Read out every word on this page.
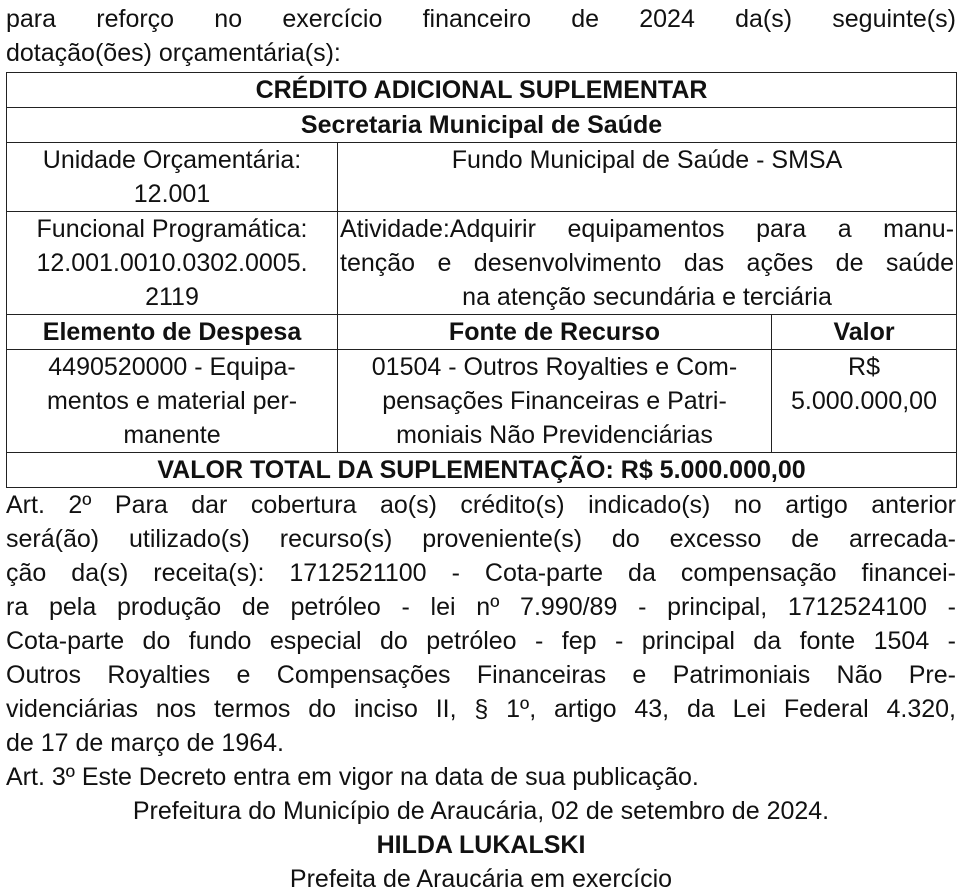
para reforço no exercício financeiro de 2024 da(s) seguinte(s)
dotação(ões) orçamentária(s):
CRÉDITO ADICIONAL SUPLEMENTAR		
Secretaria Municipal de Saúde		

Unidade Orçamentária:
12.001	Fundo Municipal de Saúde - SMSA	

Funcional Programática:
12.001.0010.0302.0005.
2119	Atividade:Adquirir equipamentos para a manu-
tenção e desenvolvimento das ações de saúde
na atenção secundária e terciária	

Elemento de Despesa	Fonte de Recurso	Valor

4490520000 - Equipa-
mentos e material per-
manente	01504 - Outros Royalties e Com-
pensações Financeiras e Patri-
moniais Não Previdenciárias	R$
5.000.000,00

VALOR TOTAL DA SUPLEMENTAÇÃO: R$ 5.000.000,00		
Art. 2º Para dar cobertura ao(s) crédito(s) indicado(s) no artigo anterior
será(ão) utilizado(s) recurso(s) proveniente(s) do excesso de arrecada-
ção da(s) receita(s): 1712521100 - Cota-parte da compensação financei-
ra pela produção de petróleo - lei nº 7.990/89 - principal, 1712524100 -
Cota-parte do fundo especial do petróleo - fep - principal da fonte 1504 -
Outros Royalties e Compensações Financeiras e Patrimoniais Não Pre-
videnciárias nos termos do inciso II, § 1º, artigo 43, da Lei Federal 4.320,
de 17 de março de 1964.
Art. 3º Este Decreto entra em vigor na data de sua publicação.
Prefeitura do Município de Araucária, 02 de setembro de 2024.
HILDA LUKALSKI
Prefeita de Araucária em exercício
